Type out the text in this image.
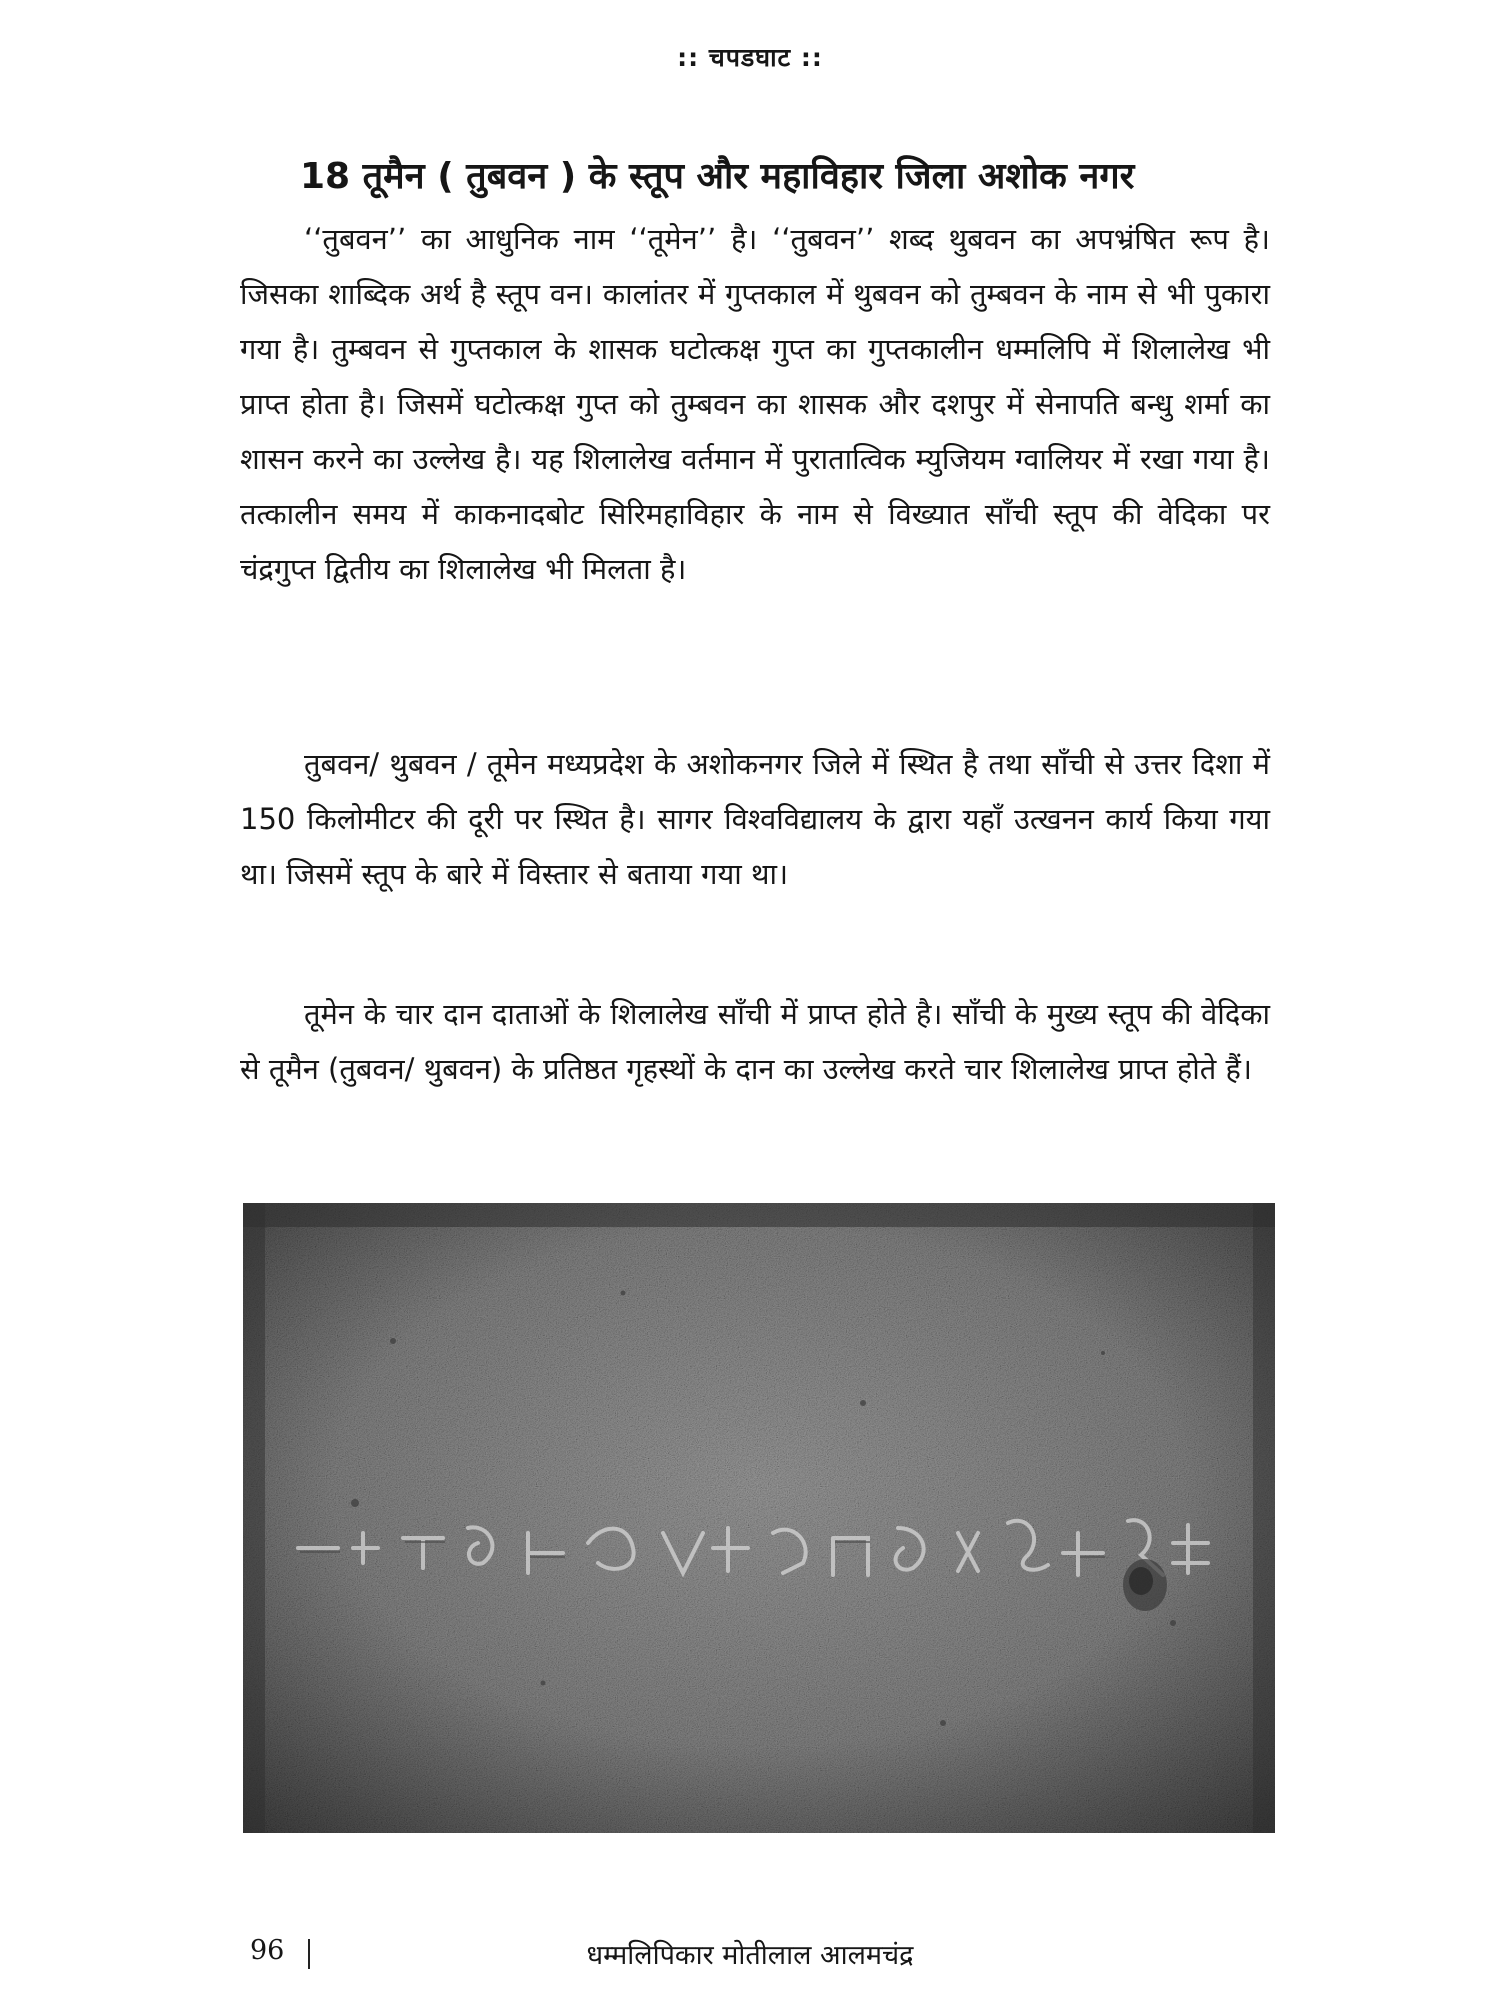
:: चपडघाट ::
18 तूमैन ( तुबवन ) के स्तूप और महाविहार जिला अशोक नगर

‘‘तुबवन’’ का आधुनिक नाम ‘‘तूमेन’’ है। ‘‘तुबवन’’ शब्द थुबवन का अपभ्रंषित रूप है। जिसका शाब्दिक अर्थ है स्तूप वन। कालांतर में गुप्तकाल में थुबवन को तुम्बवन के नाम से भी पुकारा गया है। तुम्बवन से गुप्तकाल के शासक घटोत्कक्ष गुप्त का गुप्तकालीन धम्मलिपि में शिलालेख भी प्राप्त होता है। जिसमें घटोत्कक्ष गुप्त को तुम्बवन का शासक और दशपुर में सेनापति बन्धु शर्मा का शासन करने का उल्लेख है। यह शिलालेख वर्तमान में पुरातात्विक म्युजियम ग्वालियर में रखा गया है। तत्कालीन समय में काकनादबोट सिरिमहाविहार के नाम से विख्यात साँची स्तूप की वेदिका पर चंद्रगुप्त द्वितीय का शिलालेख भी मिलता है।

तुबवन/ थुबवन / तूमेन मध्यप्रदेश के अशोकनगर जिले में स्थित है तथा साँची से उत्तर दिशा में 150 किलोमीटर की दूरी पर स्थित है। सागर विश्वविद्यालय के द्वारा यहाँ उत्खनन कार्य किया गया था। जिसमें स्तूप के बारे में विस्तार से बताया गया था।

तूमेन के चार दान दाताओं के शिलालेख साँची में प्राप्त होते है। साँची के मुख्य स्तूप की वेदिका से तूमैन (तुबवन/ थुबवन) के प्रतिष्ठत गृहस्थों के दान का उल्लेख करते चार शिलालेख प्राप्त होते हैं।

96	धम्मलिपिकार मोतीलाल आलमचंद्र
